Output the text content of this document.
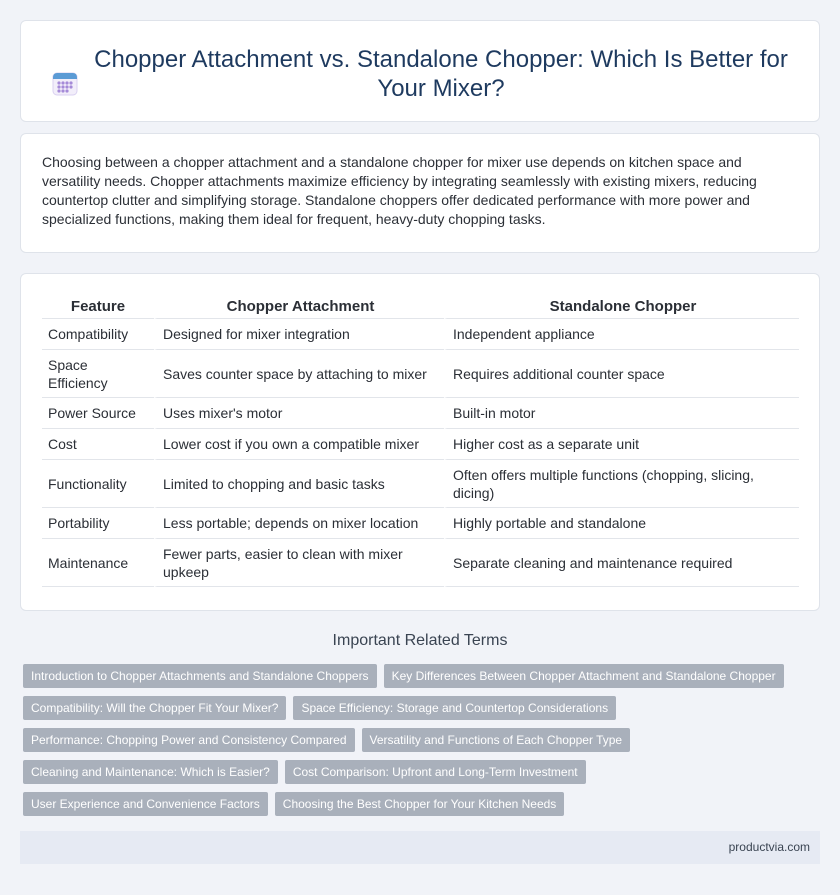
Chopper Attachment vs. Standalone Chopper: Which Is Better for Your Mixer?

Choosing between a chopper attachment and a standalone chopper for mixer use depends on kitchen space and versatility needs. Chopper attachments maximize efficiency by integrating seamlessly with existing mixers, reducing countertop clutter and simplifying storage. Standalone choppers offer dedicated performance with more power and specialized functions, making them ideal for frequent, heavy-duty chopping tasks.

Feature	Chopper Attachment	Standalone Chopper
Compatibility	Designed for mixer integration	Independent appliance
Space Efficiency	Saves counter space by attaching to mixer	Requires additional counter space
Power Source	Uses mixer's motor	Built-in motor
Cost	Lower cost if you own a compatible mixer	Higher cost as a separate unit
Functionality	Limited to chopping and basic tasks	Often offers multiple functions (chopping, slicing, dicing)
Portability	Less portable; depends on mixer location	Highly portable and standalone
Maintenance	Fewer parts, easier to clean with mixer upkeep	Separate cleaning and maintenance required
Important Related Terms
Introduction to Chopper Attachments and Standalone Choppers	Key Differences Between Chopper Attachment and Standalone Chopper
Compatibility: Will the Chopper Fit Your Mixer?	Space Efficiency: Storage and Countertop Considerations
Performance: Chopping Power and Consistency Compared	Versatility and Functions of Each Chopper Type
Cleaning and Maintenance: Which is Easier?	Cost Comparison: Upfront and Long-Term Investment
User Experience and Convenience Factors	Choosing the Best Chopper for Your Kitchen Needs
productvia.com
